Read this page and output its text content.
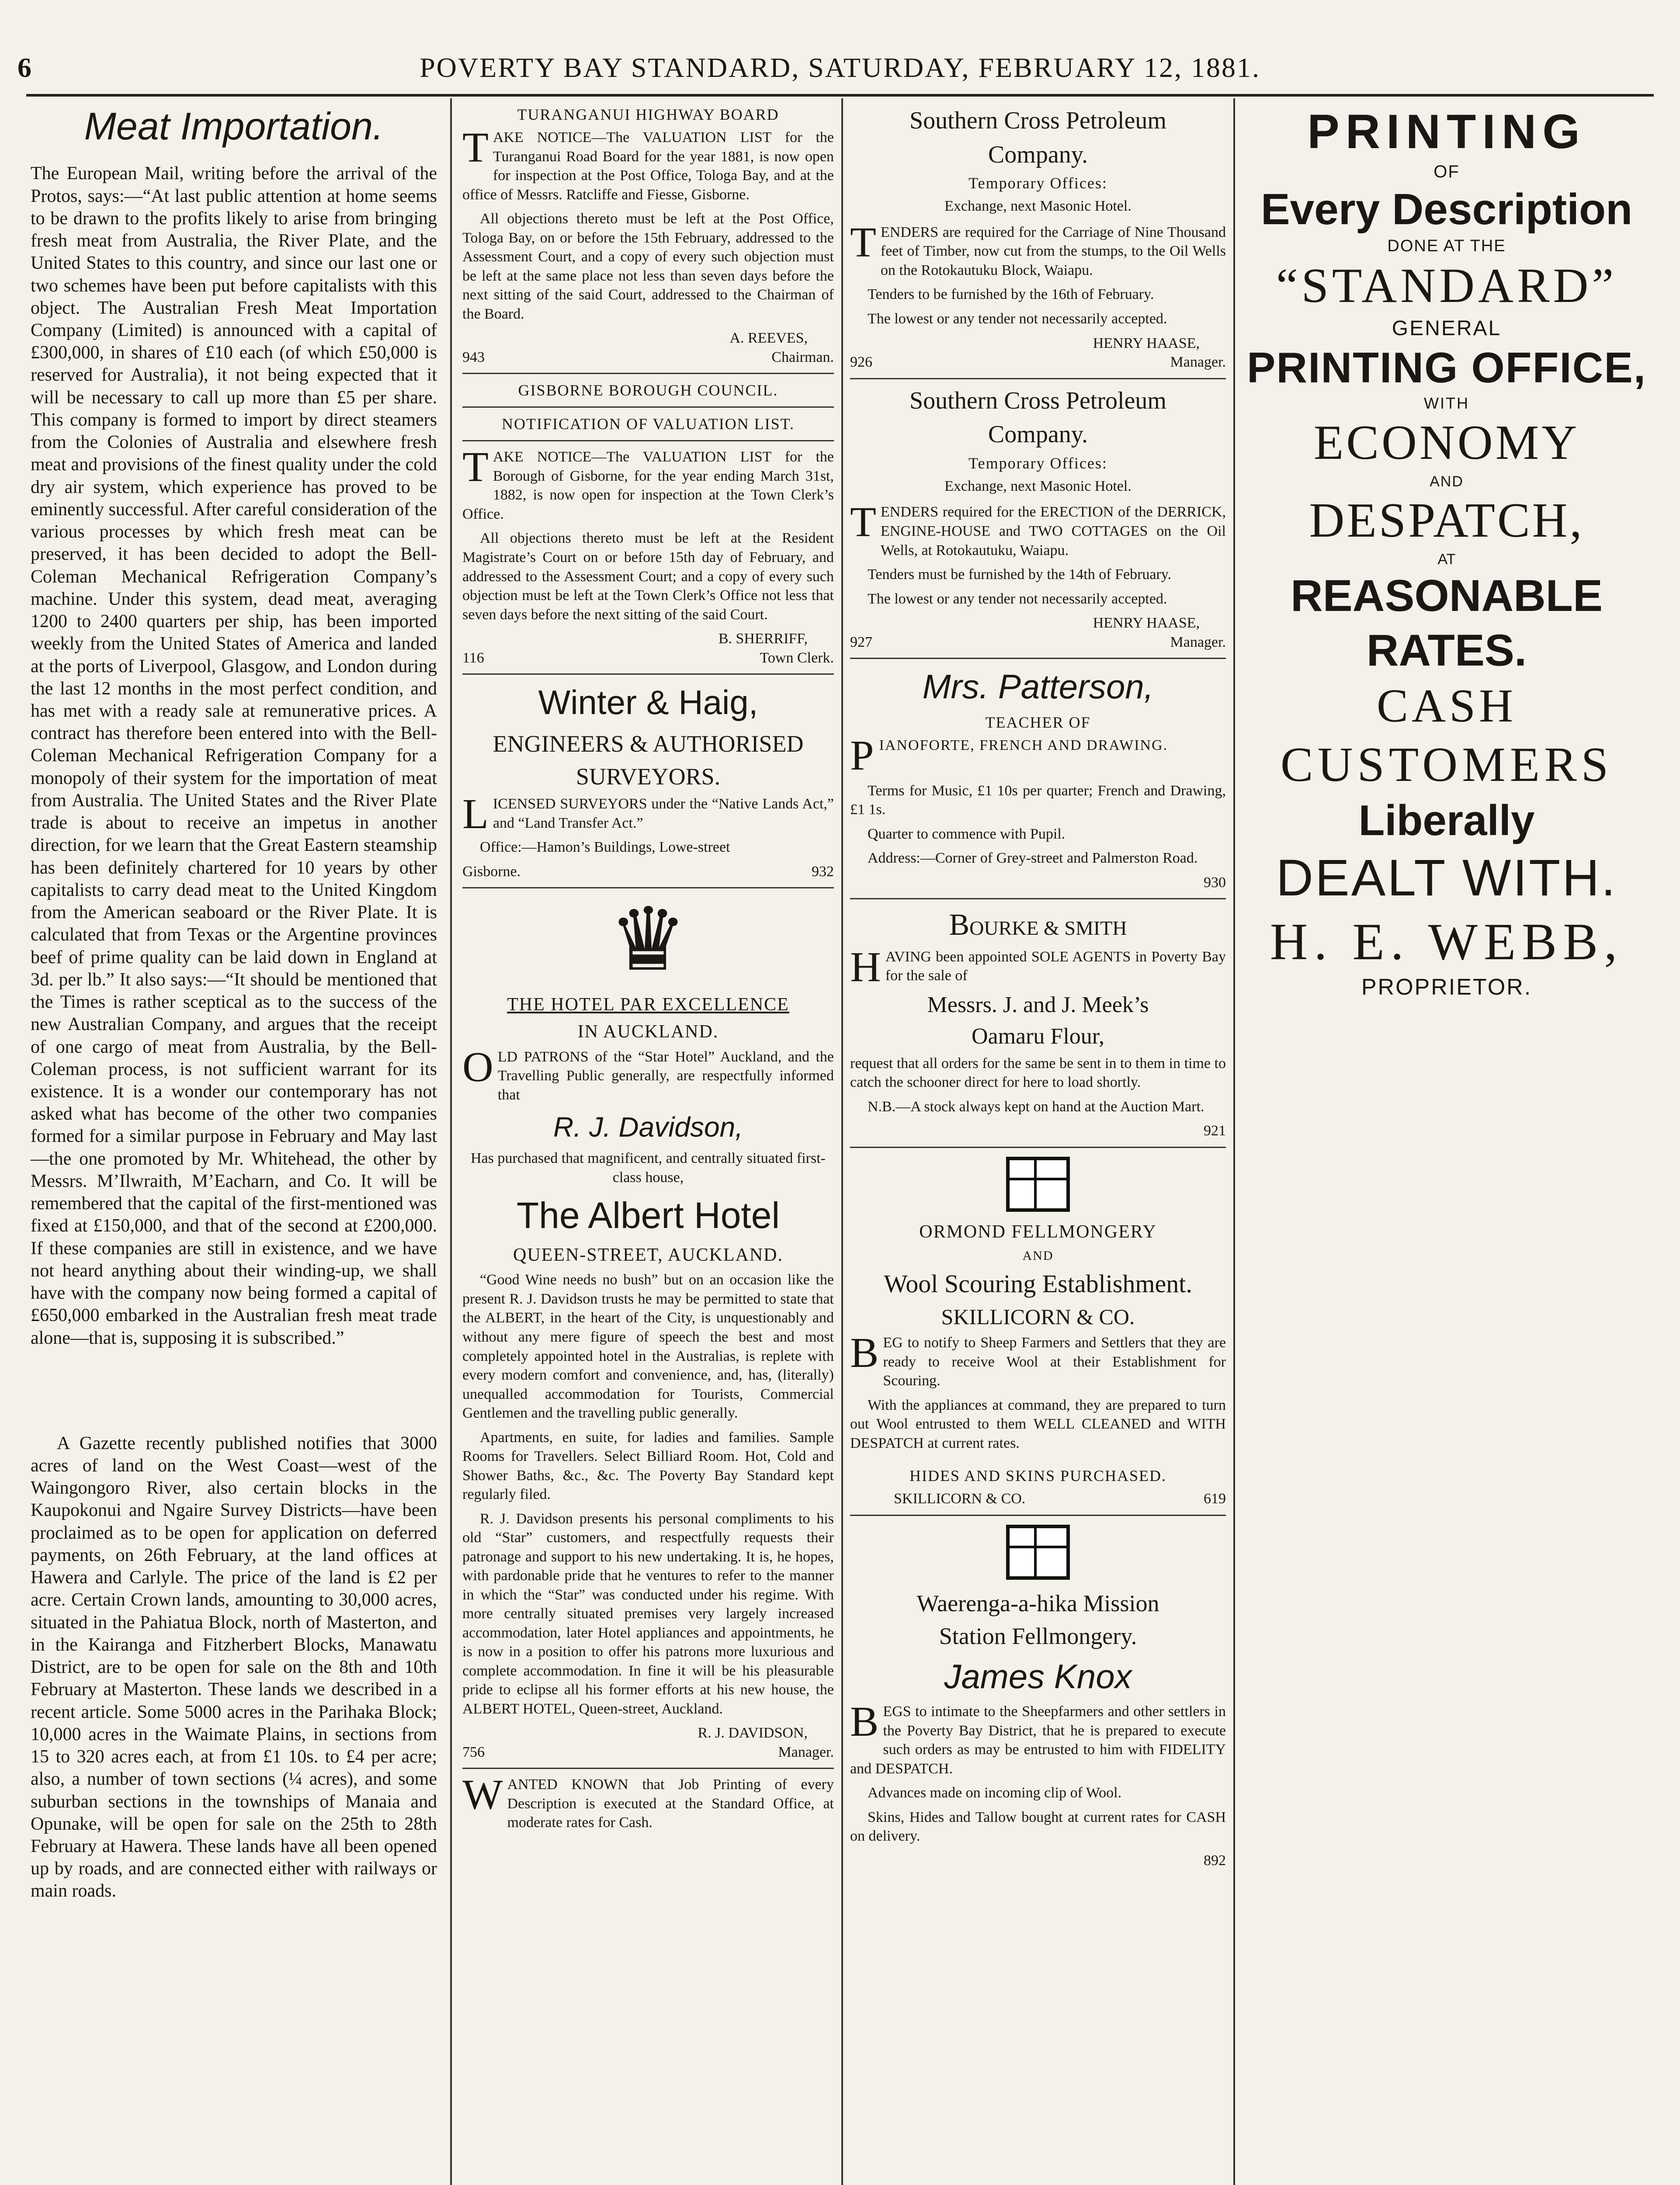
6	POVERTY BAY STANDARD, SATURDAY, FEBRUARY 12, 1881.
Meat Importation.

The European Mail, writing before the arrival of the Protos, says:—“At last public attention at home seems to be drawn to the profits likely to arise from bringing fresh meat from Australia, the River Plate, and the United States to this country, and since our last one or two schemes have been put before capitalists with this object. The Australian Fresh Meat Importation Company (Limited) is announced with a capital of £300,000, in shares of £10 each (of which £50,000 is reserved for Australia), it not being expected that it will be necessary to call up more than £5 per share. This company is formed to import by direct steamers from the Colonies of Australia and elsewhere fresh meat and provisions of the finest quality under the cold dry air system, which experience has proved to be eminently successful. After careful consideration of the various processes by which fresh meat can be preserved, it has been decided to adopt the Bell-Coleman Mechanical Refrigeration Company’s machine. Under this system, dead meat, averaging 1200 to 2400 quarters per ship, has been imported weekly from the United States of America and landed at the ports of Liverpool, Glasgow, and London during the last 12 months in the most perfect condition, and has met with a ready sale at remunerative prices. A contract has therefore been entered into with the Bell-Coleman Mechanical Refrigeration Company for a monopoly of their system for the importation of meat from Australia. The United States and the River Plate trade is about to receive an impetus in another direction, for we learn that the Great Eastern steamship has been definitely chartered for 10 years by other capitalists to carry dead meat to the United Kingdom from the American seaboard or the River Plate. It is calculated that from Texas or the Argentine provinces beef of prime quality can be laid down in England at 3d. per lb.” It also says:—“It should be mentioned that the Times is rather sceptical as to the success of the new Australian Company, and argues that the receipt of one cargo of meat from Australia, by the Bell-Coleman process, is not sufficient warrant for its existence. It is a wonder our contemporary has not asked what has become of the other two companies formed for a similar purpose in February and May last—the one promoted by Mr. Whitehead, the other by Messrs. M’Ilwraith, M’Eacharn, and Co. It will be remembered that the capital of the first-mentioned was fixed at £150,000, and that of the second at £200,000. If these companies are still in existence, and we have not heard anything about their winding-up, we shall have with the company now being formed a capital of £650,000 embarked in the Australian fresh meat trade alone—that is, supposing it is subscribed.”

A Gazette recently published notifies that 3000 acres of land on the West Coast—west of the Waingongoro River, also certain blocks in the Kaupokonui and Ngaire Survey Districts—have been proclaimed as to be open for application on deferred payments, on 26th February, at the land offices at Hawera and Carlyle. The price of the land is £2 per acre. Certain Crown lands, amounting to 30,000 acres, situated in the Pahiatua Block, north of Masterton, and in the Kairanga and Fitzherbert Blocks, Manawatu District, are to be open for sale on the 8th and 10th February at Masterton. These lands we described in a recent article. Some 5000 acres in the Parihaka Block; 10,000 acres in the Waimate Plains, in sections from 15 to 320 acres each, at from £1 10s. to £4 per acre; also, a number of town sections (¼ acres), and some suburban sections in the townships of Manaia and Opunake, will be open for sale on the 25th to 28th February at Hawera. These lands have all been opened up by roads, and are connected either with railways or main roads.

TURANGANUI HIGHWAY BOARD

TAKE NOTICE—The VALUATION LIST for the Turanganui Road Board for the year 1881, is now open for inspection at the Post Office, Tologa Bay, and at the office of Messrs. Ratcliffe and Fiesse, Gisborne.

All objections thereto must be left at the Post Office, Tologa Bay, on or before the 15th February, addressed to the Assessment Court, and a copy of every such objection must be left at the same place not less than seven days before the next sitting of the said Court, addressed to the Chairman of the Board.

A. REEVES,
943	Chairman.
GISBORNE BOROUGH COUNCIL.
NOTIFICATION OF VALUATION LIST.

TAKE NOTICE—The VALUATION LIST for the Borough of Gisborne, for the year ending March 31st, 1882, is now open for inspection at the Town Clerk’s Office.

All objections thereto must be left at the Resident Magistrate’s Court on or before 15th day of February, and addressed to the Assessment Court; and a copy of every such objection must be left at the Town Clerk’s Office not less that seven days before the next sitting of the said Court.

B. SHERRIFF,
116	Town Clerk.
Winter & Haig,
ENGINEERS & AUTHORISED
SURVEYORS.

LICENSED SURVEYORS under the “Native Lands Act,” and “Land Transfer Act.”

Office:—Hamon’s Buildings, Lowe-street

Gisborne.	932
♛
THE HOTEL PAR EXCELLENCE
IN AUCKLAND.

OLD PATRONS of the “Star Hotel” Auckland, and the Travelling Public generally, are respectfully informed that

R. J. Davidson,

Has purchased that magnificent, and centrally situated first-class house,

The Albert Hotel
QUEEN-STREET, AUCKLAND.

“Good Wine needs no bush” but on an occasion like the present R. J. Davidson trusts he may be permitted to state that the ALBERT, in the heart of the City, is unquestionably and without any mere figure of speech the best and most completely appointed hotel in the Australias, is replete with every modern comfort and convenience, and, has, (literally) unequalled accommodation for Tourists, Commercial Gentlemen and the travelling public generally.

Apartments, en suite, for ladies and families. Sample Rooms for Travellers. Select Billiard Room. Hot, Cold and Shower Baths, &c., &c. The Poverty Bay Standard kept regularly filed.

R. J. Davidson presents his personal compliments to his old “Star” customers, and respectfully requests their patronage and support to his new undertaking. It is, he hopes, with pardonable pride that he ventures to refer to the manner in which the “Star” was conducted under his regime. With more centrally situated premises very largely increased accommodation, later Hotel appliances and appointments, he is now in a position to offer his patrons more luxurious and complete accommodation. In fine it will be his pleasurable pride to eclipse all his former efforts at his new house, the ALBERT HOTEL, Queen-street, Auckland.

R. J. DAVIDSON,
756	Manager.

WANTED KNOWN that Job Printing of every Description is executed at the Standard Office, at moderate rates for Cash.

Southern Cross Petroleum
Company.
Temporary Offices:
Exchange, next Masonic Hotel.

TENDERS are required for the Carriage of Nine Thousand feet of Timber, now cut from the stumps, to the Oil Wells on the Rotokautuku Block, Waiapu.

Tenders to be furnished by the 16th of February.

The lowest or any tender not necessarily accepted.

HENRY HAASE,
926	Manager.
Southern Cross Petroleum
Company.
Temporary Offices:
Exchange, next Masonic Hotel.

TENDERS required for the ERECTION of the DERRICK, ENGINE-HOUSE and TWO COTTAGES on the Oil Wells, at Rotokautuku, Waiapu.

Tenders must be furnished by the 14th of February.

The lowest or any tender not necessarily accepted.

HENRY HAASE,
927	Manager.
Mrs. Patterson,
TEACHER OF

PIANOFORTE, FRENCH AND DRAWING.

Terms for Music, £1 10s per quarter; French and Drawing, £1 1s.

Quarter to commence with Pupil.

Address:—Corner of Grey-street and Palmerston Road.

930
BOURKE & SMITH

HAVING been appointed SOLE AGENTS in Poverty Bay for the sale of

Messrs. J. and J. Meek’s
Oamaru Flour,

request that all orders for the same be sent in to them in time to catch the schooner direct for here to load shortly.

N.B.—A stock always kept on hand at the Auction Mart.

921
ORMOND FELLMONGERY
AND
Wool Scouring Establishment.
SKILLICORN & CO.

BEG to notify to Sheep Farmers and Settlers that they are ready to receive Wool at their Establishment for Scouring.

With the appliances at command, they are prepared to turn out Wool entrusted to them WELL CLEANED and WITH DESPATCH at current rates.

HIDES AND SKINS PURCHASED.
SKILLICORN & CO.	619
Waerenga-a-hika Mission
Station Fellmongery.
James Knox

BEGS to intimate to the Sheepfarmers and other settlers in the Poverty Bay District, that he is prepared to execute such orders as may be entrusted to him with FIDELITY and DESPATCH.

Advances made on incoming clip of Wool.

Skins, Hides and Tallow bought at current rates for CASH on delivery.

892
PRINTING
OF
Every Description
DONE AT THE
“STANDARD”
GENERAL
PRINTING OFFICE,
WITH
ECONOMY
AND
DESPATCH,
AT
REASONABLE RATES.
CASH
CUSTOMERS
Liberally
DEALT WITH.
H. E. WEBB,
PROPRIETOR.
